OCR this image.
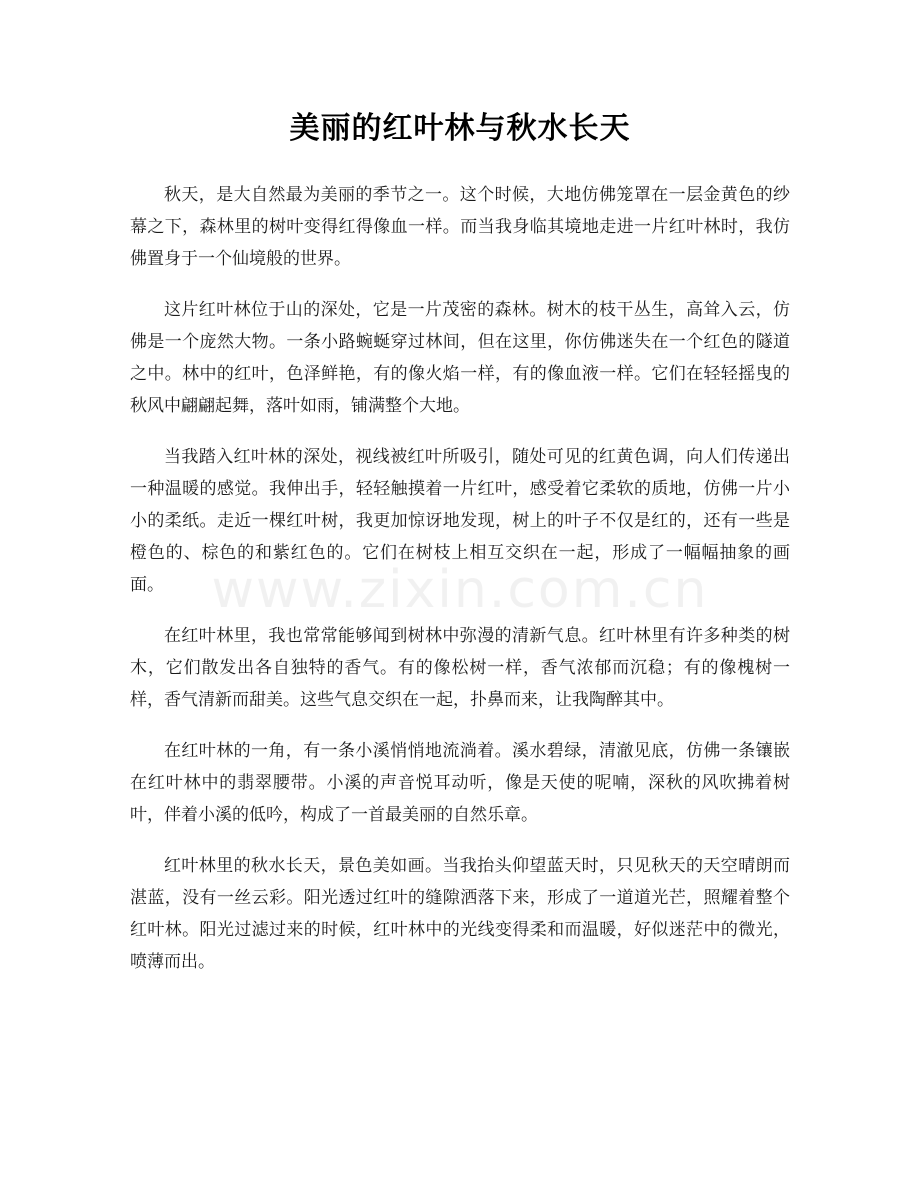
美丽的红叶林与秋水长天

秋天，是大自然最为美丽的季节之一。这个时候，大地仿佛笼罩在一层金黄色的纱幕之下，森林里的树叶变得红得像血一样。而当我身临其境地走进一片红叶林时，我仿佛置身于一个仙境般的世界。

这片红叶林位于山的深处，它是一片茂密的森林。树木的枝干丛生，高耸入云，仿佛是一个庞然大物。一条小路蜿蜒穿过林间，但在这里，你仿佛迷失在一个红色的隧道之中。林中的红叶，色泽鲜艳，有的像火焰一样，有的像血液一样。它们在轻轻摇曳的秋风中翩翩起舞，落叶如雨，铺满整个大地。

当我踏入红叶林的深处，视线被红叶所吸引，随处可见的红黄色调，向人们传递出一种温暖的感觉。我伸出手，轻轻触摸着一片红叶，感受着它柔软的质地，仿佛一片小小的柔纸。走近一棵红叶树，我更加惊讶地发现，树上的叶子不仅是红的，还有一些是橙色的、棕色的和紫红色的。它们在树枝上相互交织在一起，形成了一幅幅抽象的画面。

在红叶林里，我也常常能够闻到树林中弥漫的清新气息。红叶林里有许多种类的树木，它们散发出各自独特的香气。有的像松树一样，香气浓郁而沉稳；有的像槐树一样，香气清新而甜美。这些气息交织在一起，扑鼻而来，让我陶醉其中。

在红叶林的一角，有一条小溪悄悄地流淌着。溪水碧绿，清澈见底，仿佛一条镶嵌在红叶林中的翡翠腰带。小溪的声音悦耳动听，像是天使的呢喃，深秋的风吹拂着树叶，伴着小溪的低吟，构成了一首最美丽的自然乐章。

红叶林里的秋水长天，景色美如画。当我抬头仰望蓝天时，只见秋天的天空晴朗而湛蓝，没有一丝云彩。阳光透过红叶的缝隙洒落下来，形成了一道道光芒，照耀着整个红叶林。阳光过滤过来的时候，红叶林中的光线变得柔和而温暖，好似迷茫中的微光，喷薄而出。

www.zixin.com.cn
